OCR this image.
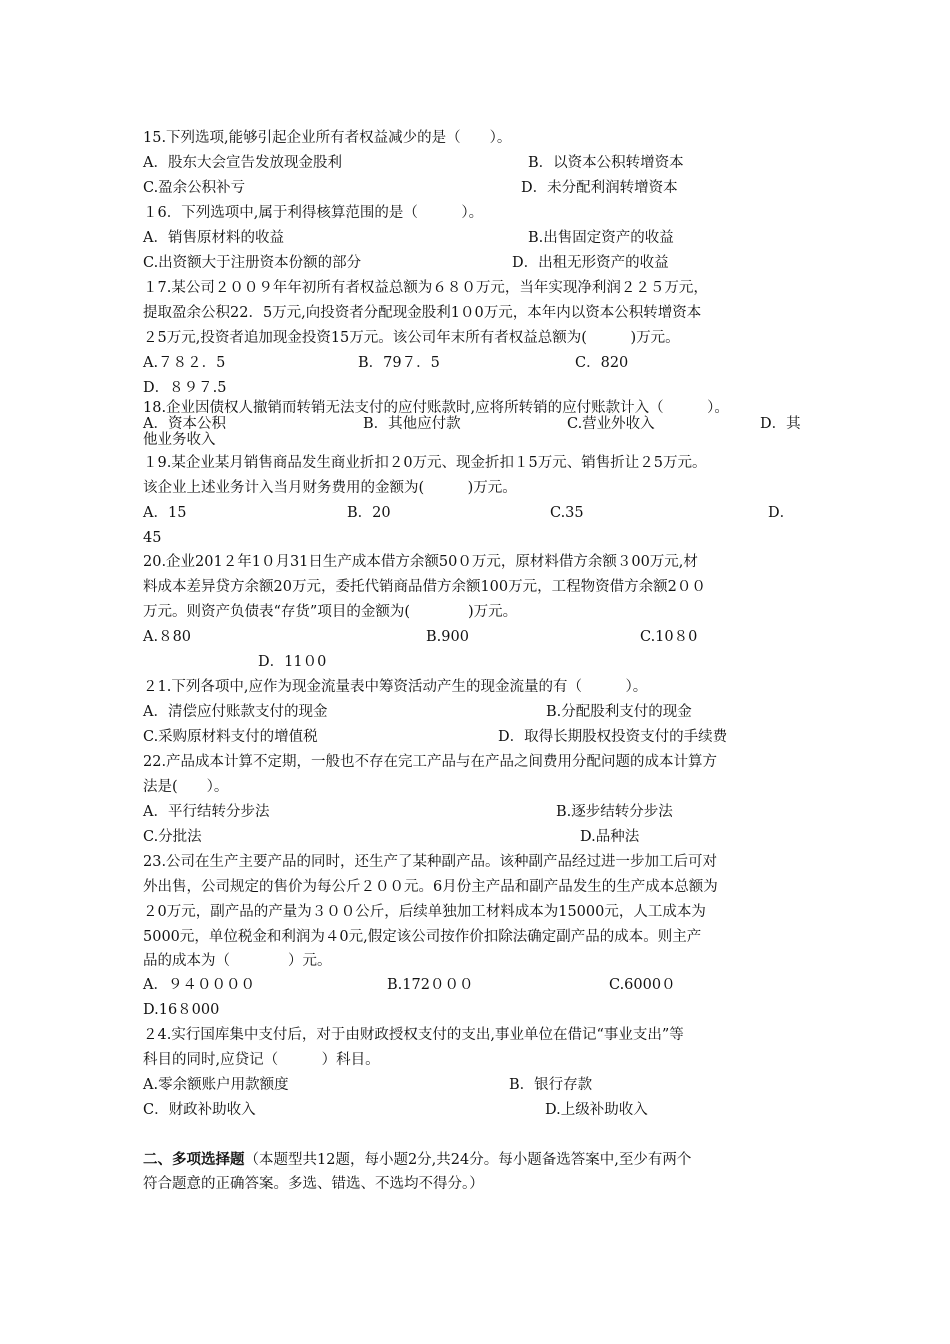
15.下列选项,能够引起企业所有者权益减少的是（　　）。
A．股东大会宣告发放现金股利	B．以资本公积转增资本
C.盈余公积补亏	D．未分配利润转增资本
１6．下列选项中,属于利得核算范围的是（　　　）。
A．销售原材料的收益	B.出售固定资产的收益
C.出资额大于注册资本份额的部分	D．出租无形资产的收益
１7.某公司２００９年年初所有者权益总额为６８０万元，当年实现净利润２２５万元，
提取盈余公积22．5万元,向投资者分配现金股利1０0万元，本年内以资本公积转增资本
２5万元,投资者追加现金投资15万元。该公司年末所有者权益总额为(　　　)万元。
A.７８２．5	B．79７．5	C．820
D．８９７.5
18.企业因债权人撤销而转销无法支付的应付账款时,应将所转销的应付账款计入（　　　）。
A．资本公积	B．其他应付款	C.营业外收入	D．其
他业务收入
１9.某企业某月销售商品发生商业折扣２0万元、现金折扣１5万元、销售折让２5万元。
该企业上述业务计入当月财务费用的金额为(　　　)万元。
A．15	B．20	C.35	D．
45
20.企业201２年1０月31日生产成本借方余额50０万元，原材料借方余额３00万元,材
料成本差异贷方余额20万元，委托代销商品借方余额100万元，工程物资借方余额2００
万元。则资产负债表“存货”项目的金额为(　　　　)万元。
A.８80	B.900	C.10８0
D．11０0
２1.下列各项中,应作为现金流量表中筹资活动产生的现金流量的有（　　　）。
A．清偿应付账款支付的现金	B.分配股利支付的现金
C.采购原材料支付的增值税	D．取得长期股权投资支付的手续费
22.产品成本计算不定期，一般也不存在完工产品与在产品之间费用分配问题的成本计算方
法是(　　）。
A．平行结转分步法	B.逐步结转分步法
C.分批法	D.品种法
23.公司在生产主要产品的同时，还生产了某种副产品。该种副产品经过进一步加工后可对
外出售，公司规定的售价为每公斤２００元。6月份主产品和副产品发生的生产成本总额为
２0万元，副产品的产量为３００公斤，后续单独加工材料成本为15000元，人工成本为
5000元，单位税金和利润为４0元,假定该公司按作价扣除法确定副产品的成本。则主产
品的成本为（　　　　）元。
A．９４００００	B.172０００	C.6000０
D.16８000
２4.实行国库集中支付后，对于由财政授权支付的支出,事业单位在借记“事业支出”等
科目的同时,应贷记（　　　）科目。
A.零余额账户用款额度	B．银行存款
C．财政补助收入	D.上级补助收入
二、多项选择题（本题型共12题，每小题2分,共24分。每小题备选答案中,至少有两个
符合题意的正确答案。多选、错选、不选均不得分。）
